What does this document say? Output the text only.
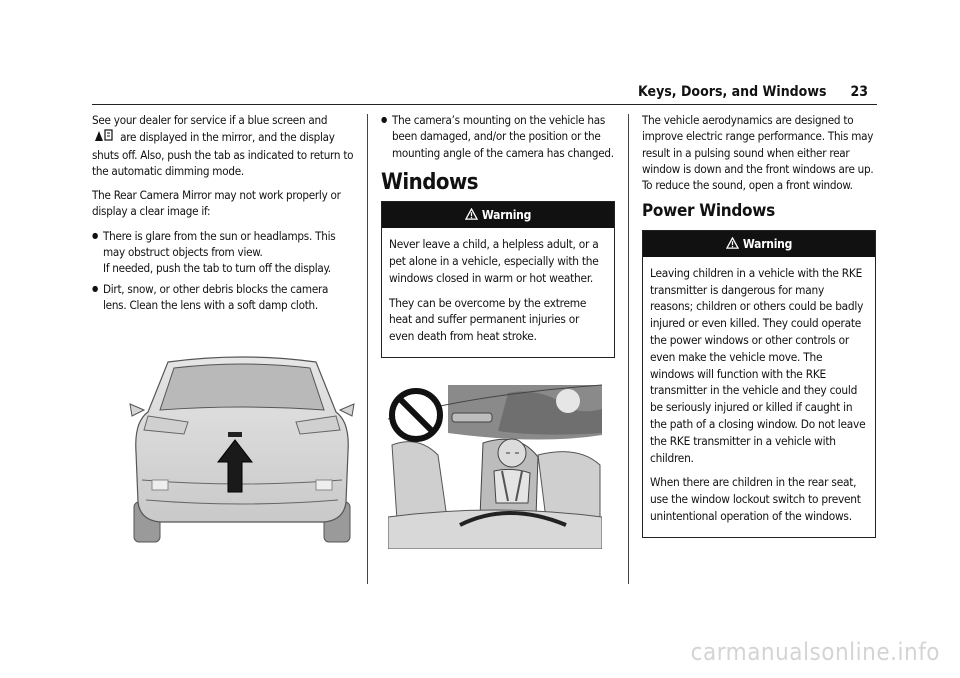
Keys, Doors, and Windows 23

See your dealer for service if a blue screen and  are displayed in the mirror, and the display shuts off. Also, push the tab as indicated to return to the automatic dimming mode.

The Rear Camera Mirror may not work properly or display a clear image if:

● There is glare from the sun or headlamps. This may obstruct objects from view.
If needed, push the tab to turn off the display.
● Dirt, snow, or other debris blocks the camera lens. Clean the lens with a soft damp cloth.
● The camera’s mounting on the vehicle has been damaged, and/or the position or the mounting angle of the camera has changed.
Windows
Warning

Never leave a child, a helpless adult, or a pet alone in a vehicle, especially with the windows closed in warm or hot weather.

They can be overcome by the extreme heat and suffer permanent injuries or even death from heat stroke.

The vehicle aerodynamics are designed to improve electric range performance. This may result in a pulsing sound when either rear window is down and the front windows are up. To reduce the sound, open a front window.

Power Windows
Warning

Leaving children in a vehicle with the RKE transmitter is dangerous for many reasons; children or others could be badly injured or even killed. They could operate the power windows or other controls or even make the vehicle move. The windows will function with the RKE transmitter in the vehicle and they could be seriously injured or killed if caught in the path of a closing window. Do not leave the RKE transmitter in a vehicle with children.

When there are children in the rear seat, use the window lockout switch to prevent unintentional operation of the windows.

carmanualsonline.info
